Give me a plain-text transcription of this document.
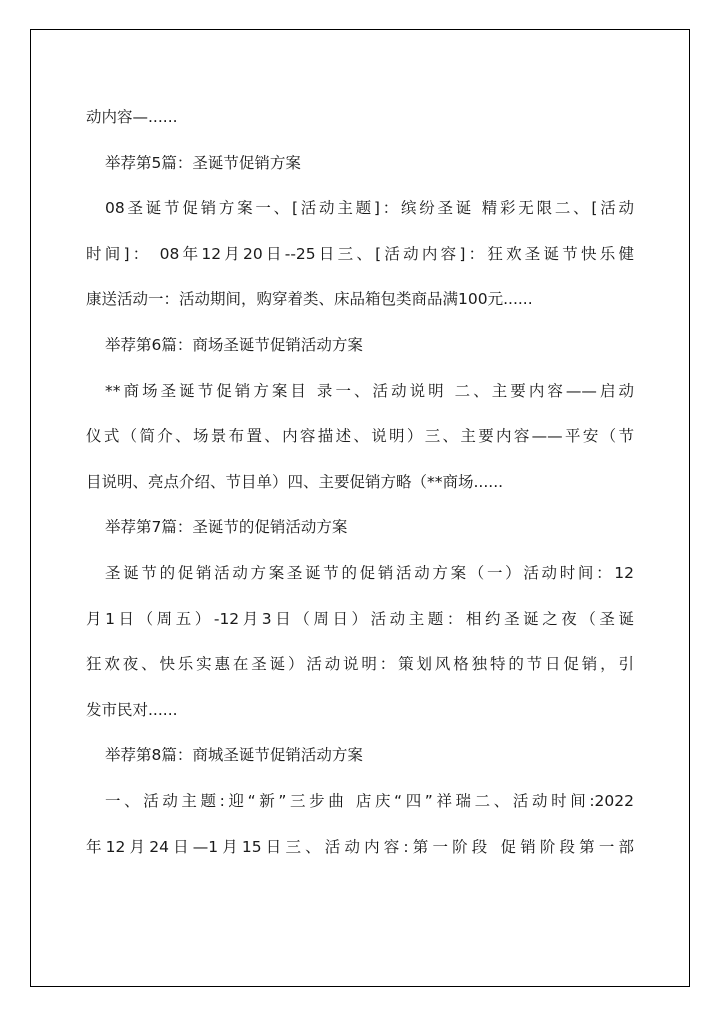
动内容—......
举荐第5篇：圣诞节促销方案
08圣诞节促销方案一、[活动主题]：缤纷圣诞 精彩无限二、[活动
时间]： 08年12月20日--25日三、[活动内容]：狂欢圣诞节快乐健
康送活动一：活动期间，购穿着类、床品箱包类商品满100元......
举荐第6篇：商场圣诞节促销活动方案
**商场圣诞节促销方案目 录一、活动说明 二、主要内容——启动
仪式（简介、场景布置、内容描述、说明）三、主要内容——平安（节
目说明、亮点介绍、节目单）四、主要促销方略（**商场......
举荐第7篇：圣诞节的促销活动方案
圣诞节的促销活动方案圣诞节的促销活动方案（一）活动时间：12
月1日（周五）-12月3日（周日）活动主题：相约圣诞之夜（圣诞
狂欢夜、快乐实惠在圣诞）活动说明：策划风格独特的节日促销，引
发市民对......
举荐第8篇：商城圣诞节促销活动方案
一、活动主题:迎“新”三步曲 店庆“四”祥瑞二、活动时间:2022
年12月24日—1月15日三、活动内容:第一阶段 促销阶段第一部
